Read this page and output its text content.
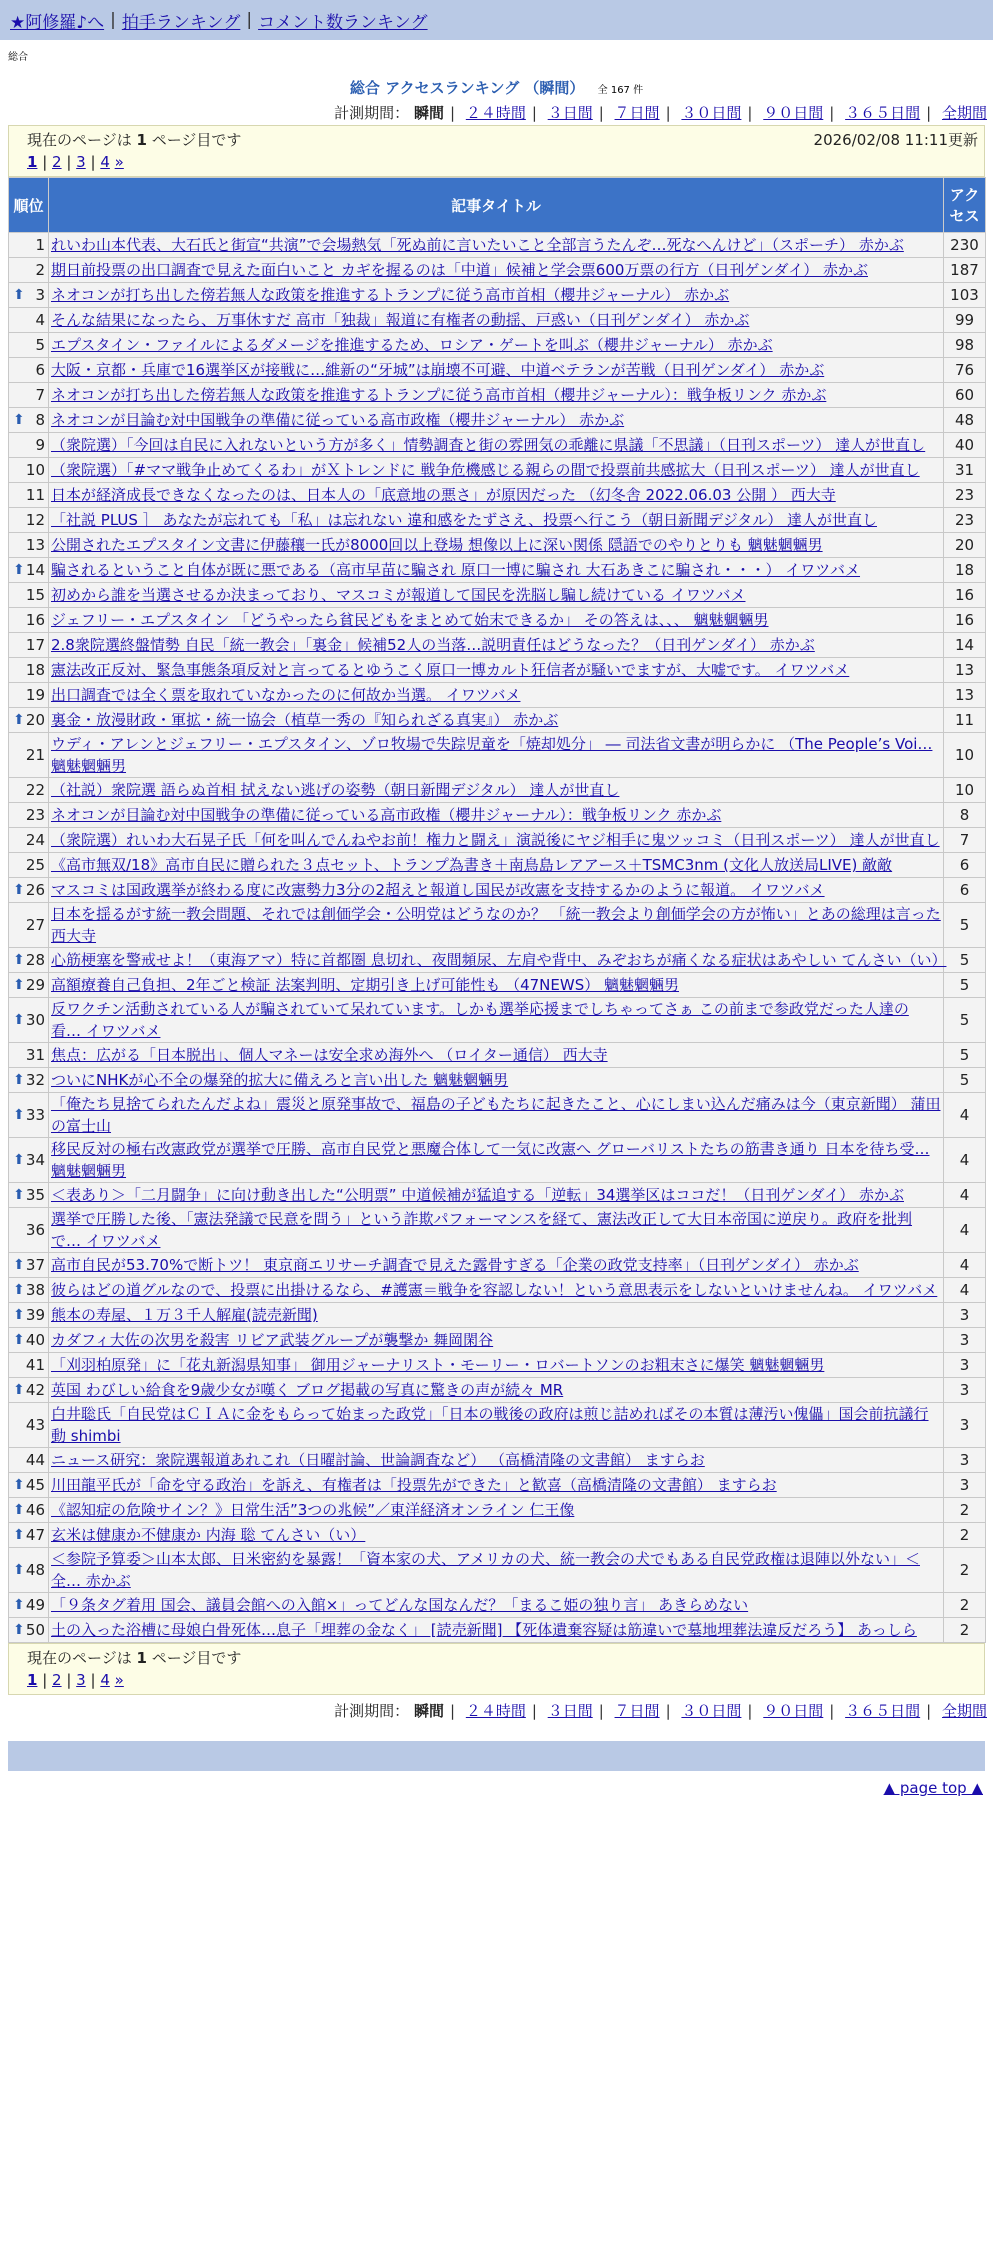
★阿修羅♪へ | 拍手ランキング | コメント数ランキング
総合
総合 アクセスランキング （瞬間） 全 167 件
計測期間： 瞬間 | ２４時間 | ３日間 | ７日間 | ３０日間 | ９０日間 | ３６５日間 | 全期間
現在のページは 1 ページ目です	2026/02/08 11:11更新
1 | 2 | 3 | 4 »
順位	記事タイトル	アクセス
1	れいわ山本代表、大石氏と街宣“共演”で会場熱気「死ぬ前に言いたいこと全部言うたんぞ…死なへんけど」（スポーチ） 赤かぶ	230
2	期日前投票の出口調査で見えた面白いこと カギを握るのは「中道」候補と学会票600万票の行方（日刊ゲンダイ） 赤かぶ	187

⬆ 3	ネオコンが打ち出した傍若無人な政策を推進するトランプに従う高市首相（櫻井ジャーナル） 赤かぶ	103
4	そんな結果になったら、万事休すだ 高市「独裁」報道に有権者の動揺、戸惑い（日刊ゲンダイ） 赤かぶ	99
5	エプスタイン・ファイルによるダメージを推進するため、ロシア・ゲートを叫ぶ（櫻井ジャーナル） 赤かぶ	98
6	大阪・京都・兵庫で16選挙区が接戦に…維新の“牙城”は崩壊不可避、中道ベテランが苦戦（日刊ゲンダイ） 赤かぶ	76
7	ネオコンが打ち出した傍若無人な政策を推進するトランプに従う高市首相（櫻井ジャーナル）：戦争板リンク 赤かぶ	60

⬆ 8	ネオコンが目論む対中国戦争の準備に従っている高市政権（櫻井ジャーナル） 赤かぶ	48
9	（衆院選）「今回は自民に入れないという方が多く」情勢調査と街の雰囲気の乖離に県議「不思議」（日刊スポーツ） 達人が世直し	40
10	（衆院選）「#ママ戦争止めてくるわ」がＸトレンドに 戦争危機感じる親らの間で投票前共感拡大（日刊スポーツ） 達人が世直し	31
11	日本が経済成長できなくなったのは、日本人の「底意地の悪さ」が原因だった （幻冬舎 2022.06.03 公開 ） 西大寺	23
12	「社説 PLUS ］ あなたが忘れても「私」は忘れない 違和感をたずさえ、投票へ行こう（朝日新聞デジタル） 達人が世直し	23
13	公開されたエプスタイン文書に伊藤穰一氏が8000回以上登場 想像以上に深い関係 隠語でのやりとりも 魑魅魍魎男	20

⬆ 14	騙されるということ自体が既に悪である（高市早苗に騙され 原口一博に騙され 大石あきこに騙され・・・） イワツバメ	18
15	初めから誰を当選させるか決まっており、マスコミが報道して国民を洗脳し騙し続けている イワツバメ	16
16	ジェフリー・エプスタイン 「どうやったら貧民どもをまとめて始末できるか」 その答えは、、、 魑魅魍魎男	16
17	2.8衆院選終盤情勢 自民「統一教会」「裏金」候補52人の当落…説明責任はどうなった？（日刊ゲンダイ） 赤かぶ	14
18	憲法改正反対、緊急事態条項反対と言ってるとゆうこく原口一博カルト狂信者が騒いでますが、大嘘です。 イワツバメ	13
19	出口調査では全く票を取れていなかったのに何故か当選。 イワツバメ	13

⬆ 20	裏金・放漫財政・軍拡・統一協会（植草一秀の『知られざる真実』） 赤かぶ	11
21	ウディ・アレンとジェフリー・エプスタイン、ゾロ牧場で失踪児童を「焼却処分」 ― 司法省文書が明らかに （The People’s Voi… 魑魅魍魎男	10
22	（社説）衆院選 語らぬ首相 拭えない逃げの姿勢（朝日新聞デジタル） 達人が世直し	10
23	ネオコンが目論む対中国戦争の準備に従っている高市政権（櫻井ジャーナル）：戦争板リンク 赤かぶ	8
24	（衆院選）れいわ大石晃子氏「何を叫んでんねやお前！権力と闘え」演説後にヤジ相手に鬼ツッコミ（日刊スポーツ） 達人が世直し	7
25	《高市無双/18》高市自民に贈られた３点セット、トランプ為書き＋南鳥島レアアース＋TSMC3nm (文化人放送局LIVE) 敵敵	6

⬆ 26	マスコミは国政選挙が終わる度に改憲勢力3分の2超えと報道し国民が改憲を支持するかのように報道。 イワツバメ	6
27	日本を揺るがす統一教会問題、それでは創価学会・公明党はどうなのか？ 「統一教会より創価学会の方が怖い」とあの総理は言った 西大寺	5

⬆ 28	心筋梗塞を警戒せよ！（東海アマ）特に首都圏 息切れ、夜間頻尿、左肩や背中、みぞおちが痛くなる症状はあやしい てんさい（い）	5

⬆ 29	高額療養自己負担、2年ごと検証 法案判明、定期引き上げ可能性も （47NEWS） 魑魅魍魎男	5

⬆ 30	反ワクチン活動されている人が騙されていて呆れています。しかも選挙応援までしちゃってさぁ この前まで参政党だった人達の 看… イワツバメ	5
31	焦点：広がる「日本脱出」、個人マネーは安全求め海外へ （ロイター通信） 西大寺	5

⬆ 32	ついにNHKが心不全の爆発的拡大に備えろと言い出した 魑魅魍魎男	5

⬆ 33	「俺たち見捨てられたんだよね」震災と原発事故で、福島の子どもたちに起きたこと、心にしまい込んだ痛みは今（東京新聞） 蒲田の富士山	4

⬆ 34	移民反対の極右改憲政党が選挙で圧勝、高市自民党と悪魔合体して一気に改憲へ グローバリストたちの筋書き通り 日本を待ち受… 魑魅魍魎男	4

⬆ 35	＜表あり＞「二月闘争」に向け動き出した“公明票” 中道候補が猛追する「逆転」34選挙区はココだ！（日刊ゲンダイ） 赤かぶ	4
36	選挙で圧勝した後、「憲法発議で民意を問う」という詐欺パフォーマンスを経て、憲法改正して大日本帝国に逆戻り。政府を批判で… イワツバメ	4

⬆ 37	高市自民が53.70%で断トツ！ 東京商エリサーチ調査で見えた露骨すぎる「企業の政党支持率」（日刊ゲンダイ） 赤かぶ	4

⬆ 38	彼らはどの道グルなので、投票に出掛けるなら、#護憲＝戦争を容認しない！という意思表示をしないといけませんね。 イワツバメ	4

⬆ 39	熊本の寿屋、１万３千人解雇(読売新聞)	3

⬆ 40	カダフィ大佐の次男を殺害 リビア武装グループが襲撃か 舞岡閑谷	3
41	「刈羽柏原発」に「花丸新潟県知事」 御用ジャーナリスト・モーリー・ロバートソンのお粗末さに爆笑 魑魅魍魎男	3

⬆ 42	英国 わびしい給食を9歳少女が嘆く ブログ掲載の写真に驚きの声が続々 MR	3
43	白井聡氏「自民党はＣＩＡに金をもらって始まった政党」「日本の戦後の政府は煎じ詰めればその本質は薄汚い傀儡」国会前抗議行動 shimbi	3
44	ニュース研究：衆院選報道あれこれ（日曜討論、世論調査など） （高橋清隆の文書館） ますらお	3

⬆ 45	川田龍平氏が「命を守る政治」を訴え、有権者は「投票先ができた」と歓喜（高橋清隆の文書館） ますらお	3

⬆ 46	《認知症の危険サイン？》日常生活”3つの兆候”／東洋経済オンライン 仁王像	2

⬆ 47	玄米は健康か不健康か 内海 聡 てんさい（い）	2

⬆ 48	＜参院予算委＞山本太郎、日米密約を暴露！「資本家の犬、アメリカの犬、統一教会の犬でもある自民党政権は退陣以外ない」＜全… 赤かぶ	2

⬆ 49	「９条タグ着用 国会、議員会館への入館×」ってどんな国なんだ？「まるこ姫の独り言」 あきらめない	2

⬆ 50	土の入った浴槽に母娘白骨死体…息子「埋葬の金なく」 [読売新聞] 【死体遺棄容疑は筋違いで墓地埋葬法違反だろう】 あっしら	2
現在のページは 1 ページ目です
1 | 2 | 3 | 4 »
計測期間： 瞬間 | ２４時間 | ３日間 | ７日間 | ３０日間 | ９０日間 | ３６５日間 | 全期間
▲ page top ▲
